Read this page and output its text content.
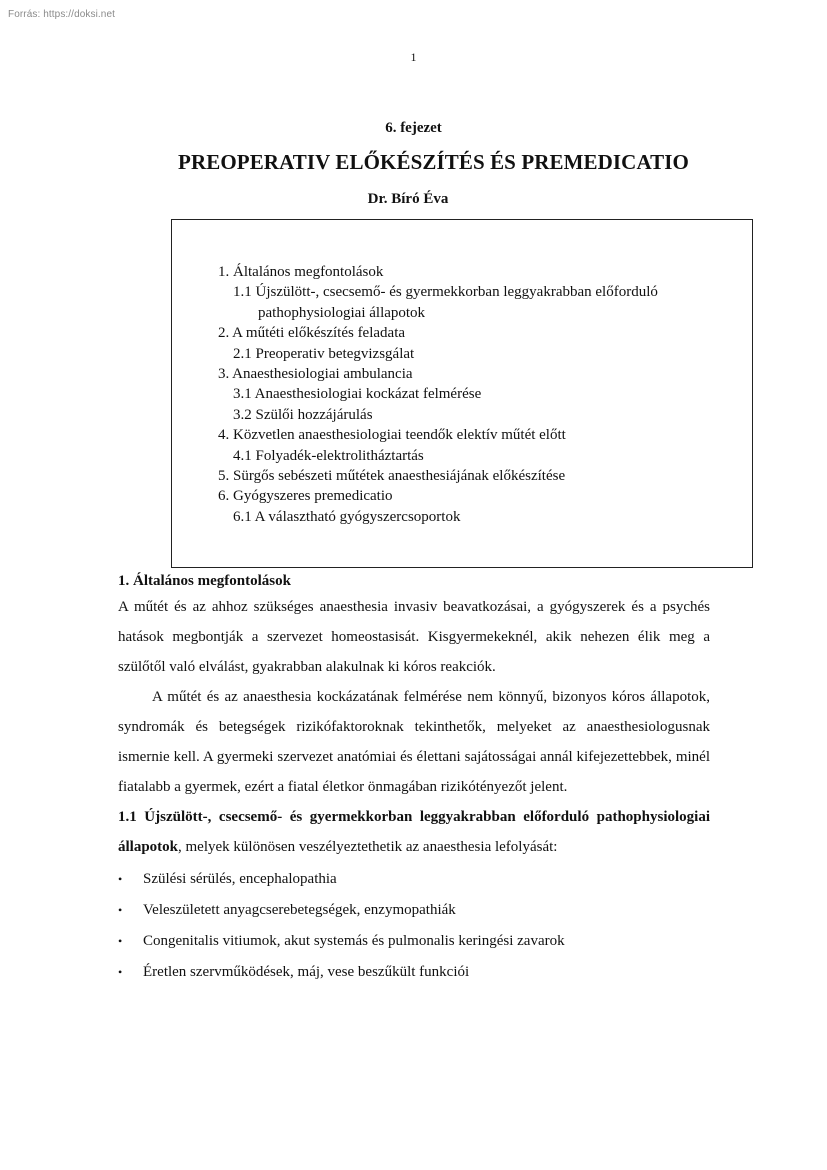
Forrás: https://doksi.net
1
6. fejezet
PREOPERATIV ELŐKÉSZÍTÉS ÉS PREMEDICATIO
Dr. Bíró Éva
1. Általános megfontolások
1.1 Újszülött-, csecsemő- és gyermekkorban leggyakrabban előforduló
pathophysiologiai állapotok
2. A műtéti előkészítés feladata
2.1 Preoperativ betegvizsgálat
3. Anaesthesiologiai ambulancia
3.1 Anaesthesiologiai kockázat felmérése
3.2 Szülői hozzájárulás
4. Közvetlen anaesthesiologiai teendők elektív műtét előtt
4.1 Folyadék-elektrolitháztartás
5. Sürgős sebészeti műtétek anaesthesiájának előkészítése
6. Gyógyszeres premedicatio
6.1 A választható gyógyszercsoportok

1. Általános megfontolások

A műtét és az ahhoz szükséges anaesthesia invasiv beavatkozásai, a gyógyszerek és a psychés hatások megbontják a szervezet homeostasisát. Kisgyermekeknél, akik nehezen élik meg a szülőtől való elválást, gyakrabban alakulnak ki kóros reakciók.

A műtét és az anaesthesia kockázatának felmérése nem könnyű, bizonyos kóros állapotok, syndromák és betegségek rizikófaktoroknak tekinthetők, melyeket az anaesthesiologusnak ismernie kell. A gyermeki szervezet anatómiai és élettani sajátosságai annál kifejezettebbek, minél fiatalabb a gyermek, ezért a fiatal életkor önmagában rizikótényezőt jelent.

1.1 Újszülött-, csecsemő- és gyermekkorban leggyakrabban előforduló pathophysiologiai állapotok, melyek különösen veszélyeztethetik az anaesthesia lefolyását:

• Szülési sérülés, encephalopathia
• Veleszületett anyagcserebetegségek, enzymopathiák
• Congenitalis vitiumok, akut systemás és pulmonalis keringési zavarok
• Éretlen szervműködések, máj, vese beszűkült funkciói
